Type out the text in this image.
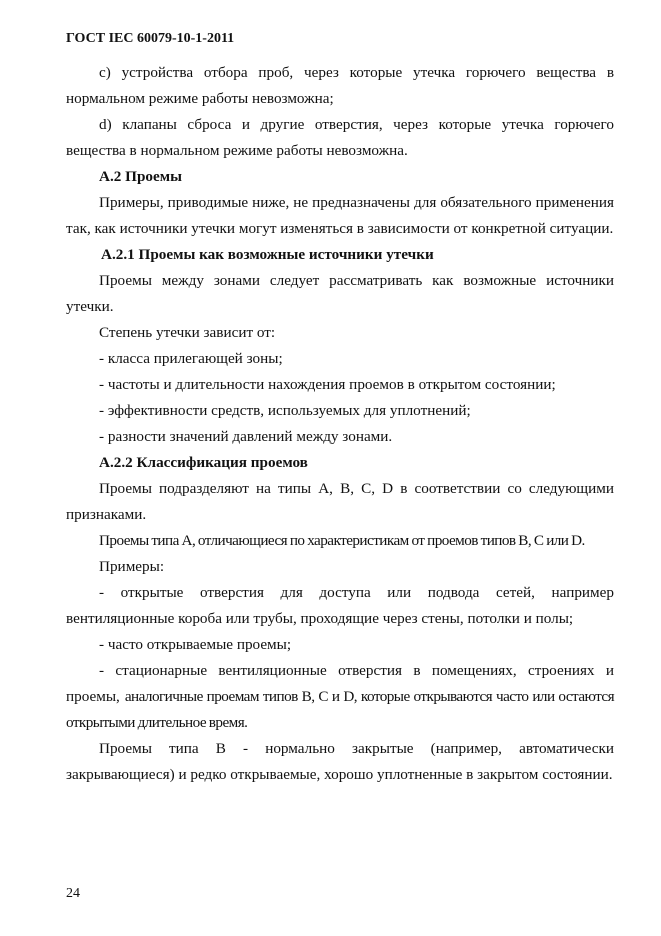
ГОСТ IEC 60079-10-1-2011

c) устройства отбора проб, через которые утечка горючего вещества в нормальном режиме работы невозможна;

d) клапаны сброса и другие отверстия, через которые утечка горючего вещества в нормальном режиме работы невозможна.

А.2 Проемы

Примеры, приводимые ниже, не предназначены для обязательного применения так, как источники утечки могут изменяться в зависимости от конкретной ситуации.

А.2.1 Проемы как возможные источники утечки

Проемы между зонами следует рассматривать как возможные источники утечки.

Степень утечки зависит от:

- класса прилегающей зоны;

- частоты и длительности нахождения проемов в открытом состоянии;

- эффективности средств, используемых для уплотнений;

- разности значений давлений между зонами.

А.2.2 Классификация проемов

Проемы подразделяют на типы А, В, С, D в соответствии со следующими признаками.

Проемы типа А, отличающиеся по характеристикам от проемов типов В, С или D.

Примеры:

- открытые отверстия для доступа или подвода сетей, например вентиляционные короба или трубы, проходящие через стены, потолки и полы;

- часто открываемые проемы;

- стационарные вентиляционные отверстия в помещениях, строениях и проемы, аналогичные проемам типов В, С и D, которые открываются часто или остаются открытыми длительное время.

Проемы типа В - нормально закрытые (например, автоматически закрывающиеся) и редко открываемые, хорошо уплотненные в закрытом состоянии.

24
